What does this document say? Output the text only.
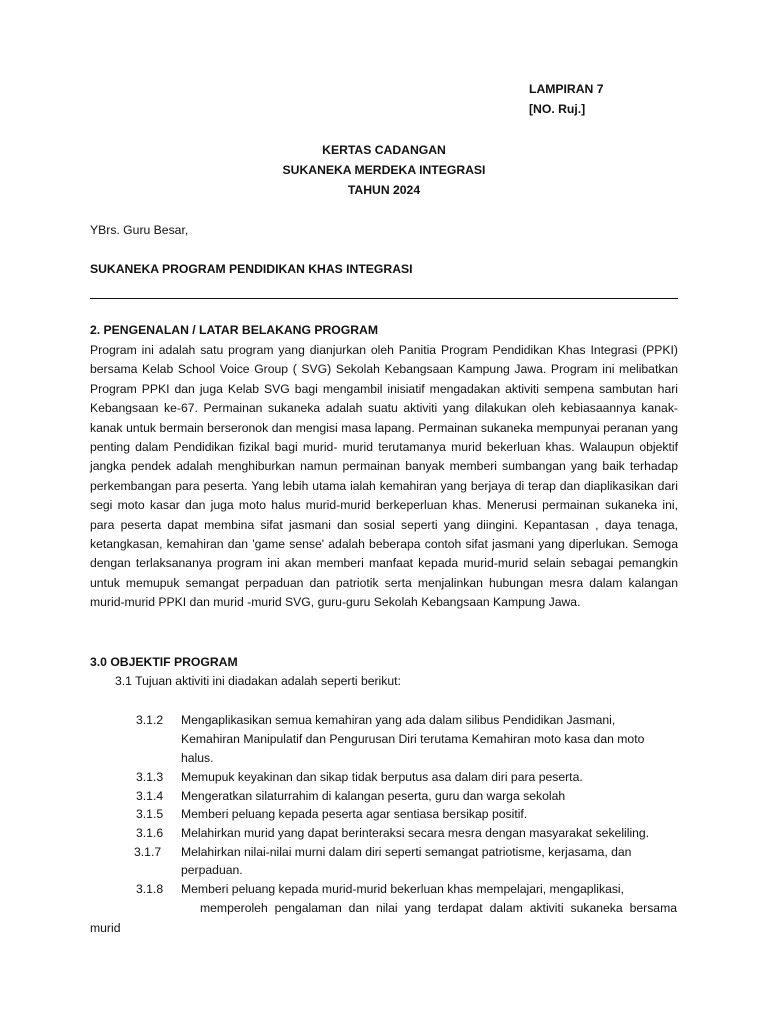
LAMPIRAN 7
[NO. Ruj.]
KERTAS CADANGAN
SUKANEKA MERDEKA INTEGRASI
TAHUN 2024
YBrs. Guru Besar,
SUKANEKA PROGRAM PENDIDIKAN KHAS INTEGRASI
2. PENGENALAN / LATAR BELAKANG PROGRAM
Program ini adalah satu program yang dianjurkan oleh Panitia Program Pendidikan Khas Integrasi (PPKI) bersama Kelab School Voice Group ( SVG) Sekolah Kebangsaan Kampung Jawa. Program ini melibatkan Program PPKI dan juga Kelab SVG bagi mengambil inisiatif mengadakan aktiviti sempena sambutan hari Kebangsaan ke-67. Permainan sukaneka adalah suatu aktiviti yang dilakukan oleh kebiasaannya kanak-kanak untuk bermain berseronok dan mengisi masa lapang. Permainan sukaneka mempunyai peranan yang penting dalam Pendidikan fizikal bagi murid- murid terutamanya murid bekerluan khas. Walaupun objektif jangka pendek adalah menghiburkan namun permainan banyak memberi sumbangan yang baik terhadap perkembangan para peserta. Yang lebih utama ialah kemahiran yang berjaya di terap dan diaplikasikan dari segi moto kasar dan juga moto halus murid-murid berkeperluan khas. Menerusi permainan sukaneka ini, para peserta dapat membina sifat jasmani dan sosial seperti yang diingini. Kepantasan , daya tenaga, ketangkasan, kemahiran dan 'game sense' adalah beberapa contoh sifat jasmani yang diperlukan. Semoga dengan terlaksananya program ini akan memberi manfaat kepada murid-murid selain sebagai pemangkin untuk memupuk semangat perpaduan dan patriotik serta menjalinkan hubungan mesra dalam kalangan murid-murid PPKI dan murid -murid SVG, guru-guru Sekolah Kebangsaan Kampung Jawa.
3.0 OBJEKTIF PROGRAM
3.1 Tujuan aktiviti ini diadakan adalah seperti berikut:
3.1.2 Mengaplikasikan semua kemahiran yang ada dalam silibus Pendidikan Jasmani,
Kemahiran Manipulatif dan Pengurusan Diri terutama Kemahiran moto kasa dan moto
halus.
3.1.3 Memupuk keyakinan dan sikap tidak berputus asa dalam diri para peserta.
3.1.4 Mengeratkan silaturrahim di kalangan peserta, guru dan warga sekolah
3.1.5 Memberi peluang kepada peserta agar sentiasa bersikap positif.
3.1.6 Melahirkan murid yang dapat berinteraksi secara mesra dengan masyarakat sekeliling.
3.1.7 Melahirkan nilai-nilai murni dalam diri seperti semangat patriotisme, kerjasama, dan
perpaduan.
3.1.8 Memberi peluang kepada murid-murid bekerluan khas mempelajari, mengaplikasi,
memperoleh pengalaman dan nilai yang terdapat dalam aktiviti sukaneka bersama
murid
